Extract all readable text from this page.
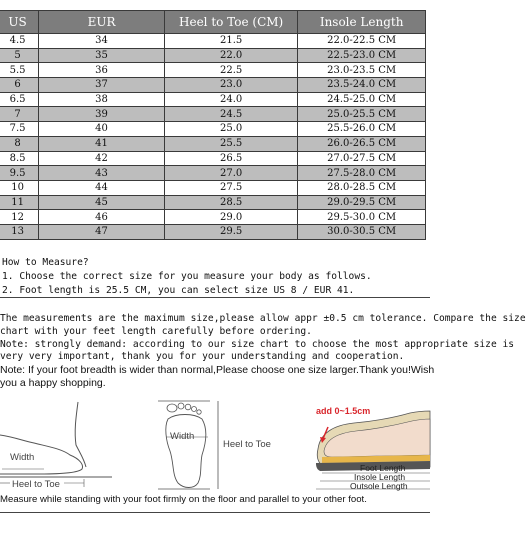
US	EUR	Heel to Toe (CM)	Insole Length
4.5	34	21.5	22.0-22.5 CM
5	35	22.0	22.5-23.0 CM
5.5	36	22.5	23.0-23.5 CM
6	37	23.0	23.5-24.0 CM
6.5	38	24.0	24.5-25.0 CM
7	39	24.5	25.0-25.5 CM
7.5	40	25.0	25.5-26.0 CM
8	41	25.5	26.0-26.5 CM
8.5	42	26.5	27.0-27.5 CM
9.5	43	27.0	27.5-28.0 CM
10	44	27.5	28.0-28.5 CM
11	45	28.5	29.0-29.5 CM
12	46	29.0	29.5-30.0 CM
13	47	29.5	30.0-30.5 CM
How to Measure?
1. Choose the correct size for you measure your body as follows.
2. Foot length is 25.5 CM, you can select size US 8 / EUR 41.
The measurements are the maximum size,please allow appr ±0.5 cm tolerance. Compare the size
chart with your feet length carefully before ordering.
Note: strongly demand: according to our size chart to choose the most appropriate size is
very very important, thank you for your understanding and cooperation.
Note: If your foot breadth is wider than normal,Please choose one size larger.Thank you!Wish
you a happy shopping.
Width
Heel to Toe
Width
Heel to Toe
add 0~1.5cm
Foot Length
Insole Length
Outsole Length
Measure while standing with your foot firmly on the floor and parallel to your other foot.
